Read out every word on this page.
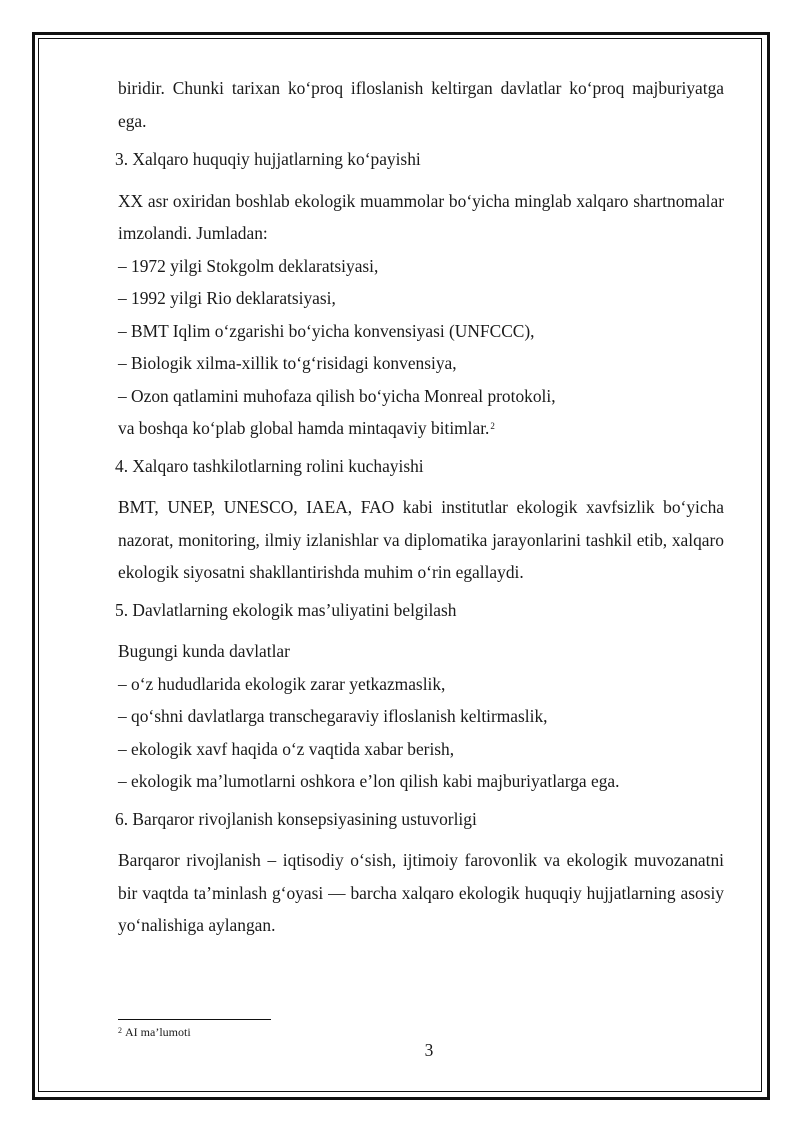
biridir. Chunki tarixan ko‘proq ifloslanish keltirgan davlatlar ko‘proq majburiyatga ega.

3. Xalqaro huquqiy hujjatlarning ko‘payishi

XX asr oxiridan boshlab ekologik muammolar bo‘yicha minglab xalqaro shartnomalar imzolandi. Jumladan:

– 1972 yilgi Stokgolm deklaratsiyasi,
– 1992 yilgi Rio deklaratsiyasi,
– BMT Iqlim o‘zgarishi bo‘yicha konvensiyasi (UNFCCC),
– Biologik xilma-xillik to‘g‘risidagi konvensiya,
– Ozon qatlamini muhofaza qilish bo‘yicha Monreal protokoli,

va boshqa ko‘plab global hamda mintaqaviy bitimlar.$^2$

4. Xalqaro tashkilotlarning rolini kuchayishi

BMT, UNEP, UNESCO, IAEA, FAO kabi institutlar ekologik xavfsizlik bo‘yicha nazorat, monitoring, ilmiy izlanishlar va diplomatika jarayonlarini tashkil etib, xalqaro ekologik siyosatni shakllantirishda muhim o‘rin egallaydi.

5. Davlatlarning ekologik mas’uliyatini belgilash

Bugungi kunda davlatlar

– o‘z hududlarida ekologik zarar yetkazmaslik,
– qo‘shni davlatlarga transchegaraviy ifloslanish keltirmaslik,
– ekologik xavf haqida o‘z vaqtida xabar berish,
– ekologik ma’lumotlarni oshkora e’lon qilish kabi majburiyatlarga ega.

6. Barqaror rivojlanish konsepsiyasining ustuvorligi

Barqaror rivojlanish – iqtisodiy o‘sish, ijtimoiy farovonlik va ekologik muvozanatni bir vaqtda ta’minlash g‘oyasi — barcha xalqaro ekologik huquqiy hujjatlarning asosiy yo‘nalishiga aylangan.

$^2$ AI ma’lumoti
3
